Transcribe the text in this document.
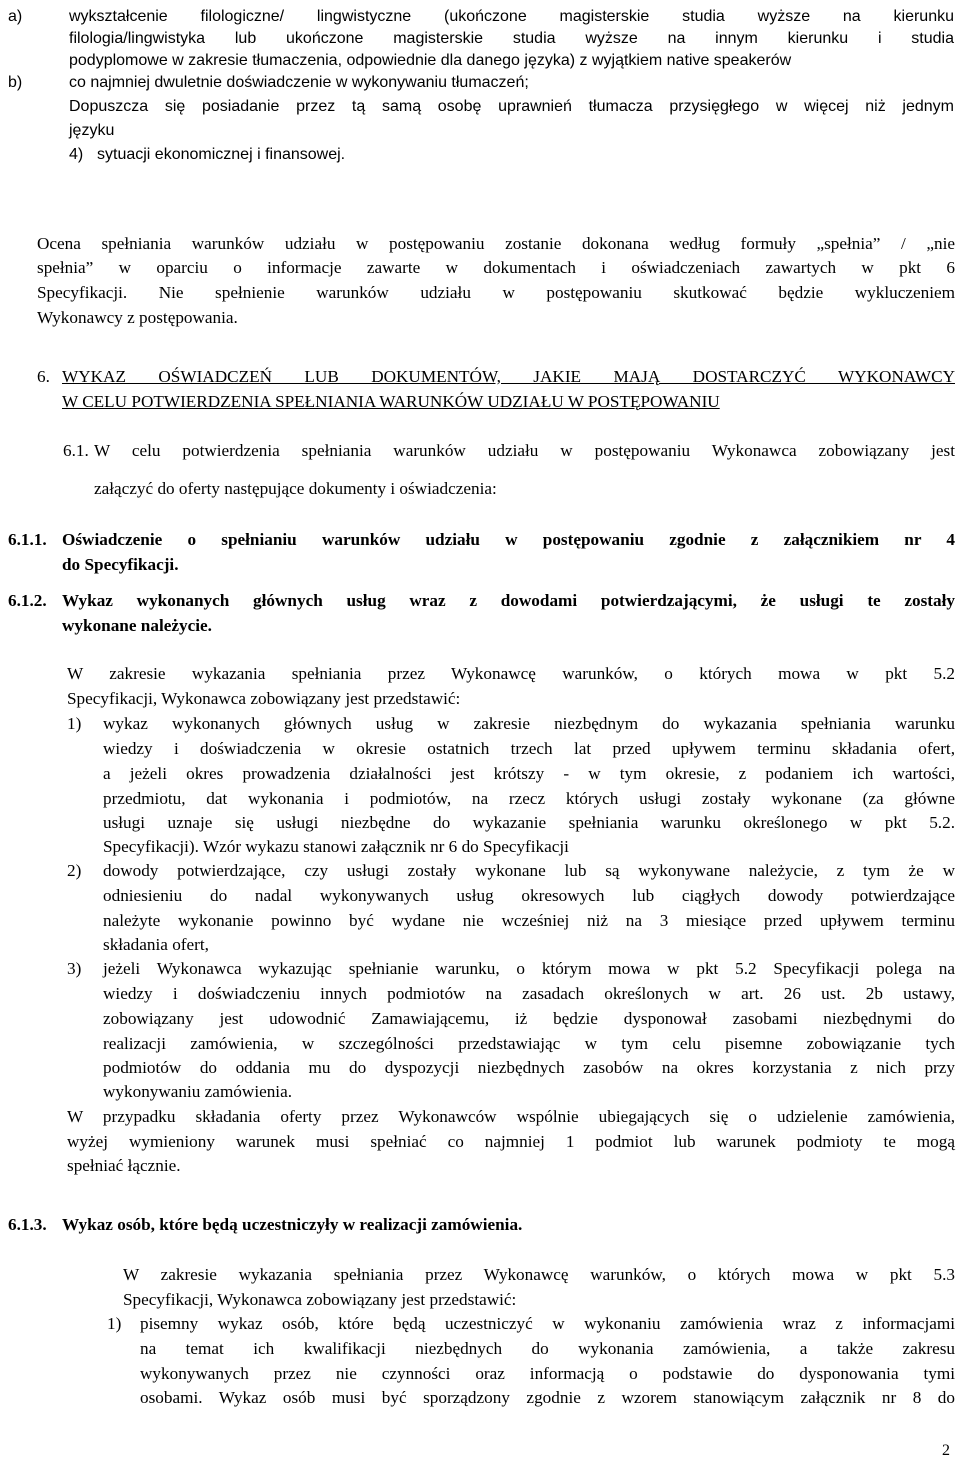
a)	wykształcenie filologiczne/ lingwistyczne (ukończone magisterskie studia wyższe na kierunku
filologia/lingwistyka lub ukończone magisterskie studia wyższe na innym kierunku i studia
podyplomowe w zakresie tłumaczenia, odpowiednie dla danego języka) z wyjątkiem native speakerów
b)	co najmniej dwuletnie doświadczenie w wykonywaniu tłumaczeń;
Dopuszcza się posiadanie przez tą samą osobę uprawnień tłumacza przysięgłego w więcej niż jednym
języku
4) sytuacji ekonomicznej i finansowej.
Ocena spełniania warunków udziału w postępowaniu zostanie dokonana według formuły „spełnia” / „nie
spełnia” w oparciu o informacje zawarte w dokumentach i oświadczeniach zawartych w pkt 6
Specyfikacji. Nie spełnienie warunków udziału w postępowaniu skutkować będzie wykluczeniem
Wykonawcy z postępowania.
6. WYKAZ OŚWIADCZEŃ LUB DOKUMENTÓW, JAKIE MAJĄ DOSTARCZYĆ WYKONAWCY
W CELU POTWIERDZENIA SPEŁNIANIA WARUNKÓW UDZIAŁU W POSTĘPOWANIU
6.1. W celu potwierdzenia spełniania warunków udziału w postępowaniu Wykonawca zobowiązany jest
załączyć do oferty następujące dokumenty i oświadczenia:
6.1.1. Oświadczenie o spełnianiu warunków udziału w postępowaniu zgodnie z załącznikiem nr 4
do Specyfikacji.
6.1.2. Wykaz wykonanych głównych usług wraz z dowodami potwierdzającymi, że usługi te zostały
wykonane należycie.
W zakresie wykazania spełniania przez Wykonawcę warunków, o których mowa w pkt 5.2
Specyfikacji, Wykonawca zobowiązany jest przedstawić:
1) wykaz wykonanych głównych usług w zakresie niezbędnym do wykazania spełniania warunku
wiedzy i doświadczenia w okresie ostatnich trzech lat przed upływem terminu składania ofert,
a jeżeli okres prowadzenia działalności jest krótszy - w tym okresie, z podaniem ich wartości,
przedmiotu, dat wykonania i podmiotów, na rzecz których usługi zostały wykonane (za główne
usługi uznaje się usługi niezbędne do wykazanie spełniania warunku określonego w pkt 5.2.
Specyfikacji). Wzór wykazu stanowi załącznik nr 6 do Specyfikacji
2) dowody potwierdzające, czy usługi zostały wykonane lub są wykonywane należycie, z tym że w
odniesieniu do nadal wykonywanych usług okresowych lub ciągłych dowody potwierdzające
należyte wykonanie powinno być wydane nie wcześniej niż na 3 miesiące przed upływem terminu
składania ofert,
3) jeżeli Wykonawca wykazując spełnianie warunku, o którym mowa w pkt 5.2 Specyfikacji polega na
wiedzy i doświadczeniu innych podmiotów na zasadach określonych w art. 26 ust. 2b ustawy,
zobowiązany jest udowodnić Zamawiającemu, iż będzie dysponował zasobami niezbędnymi do
realizacji zamówienia, w szczególności przedstawiając w tym celu pisemne zobowiązanie tych
podmiotów do oddania mu do dyspozycji niezbędnych zasobów na okres korzystania z nich przy
wykonywaniu zamówienia.
W przypadku składania oferty przez Wykonawców wspólnie ubiegających się o udzielenie zamówienia,
wyżej wymieniony warunek musi spełniać co najmniej 1 podmiot lub warunek podmioty te mogą
spełniać łącznie.
6.1.3. Wykaz osób, które będą uczestniczyły w realizacji zamówienia.
W zakresie wykazania spełniania przez Wykonawcę warunków, o których mowa w pkt 5.3
Specyfikacji, Wykonawca zobowiązany jest przedstawić:
1) pisemny wykaz osób, które będą uczestniczyć w wykonaniu zamówienia wraz z informacjami
na temat ich kwalifikacji niezbędnych do wykonania zamówienia, a także zakresu
wykonywanych przez nie czynności oraz informacją o podstawie do dysponowania tymi
osobami. Wykaz osób musi być sporządzony zgodnie z wzorem stanowiącym załącznik nr 8 do
2
